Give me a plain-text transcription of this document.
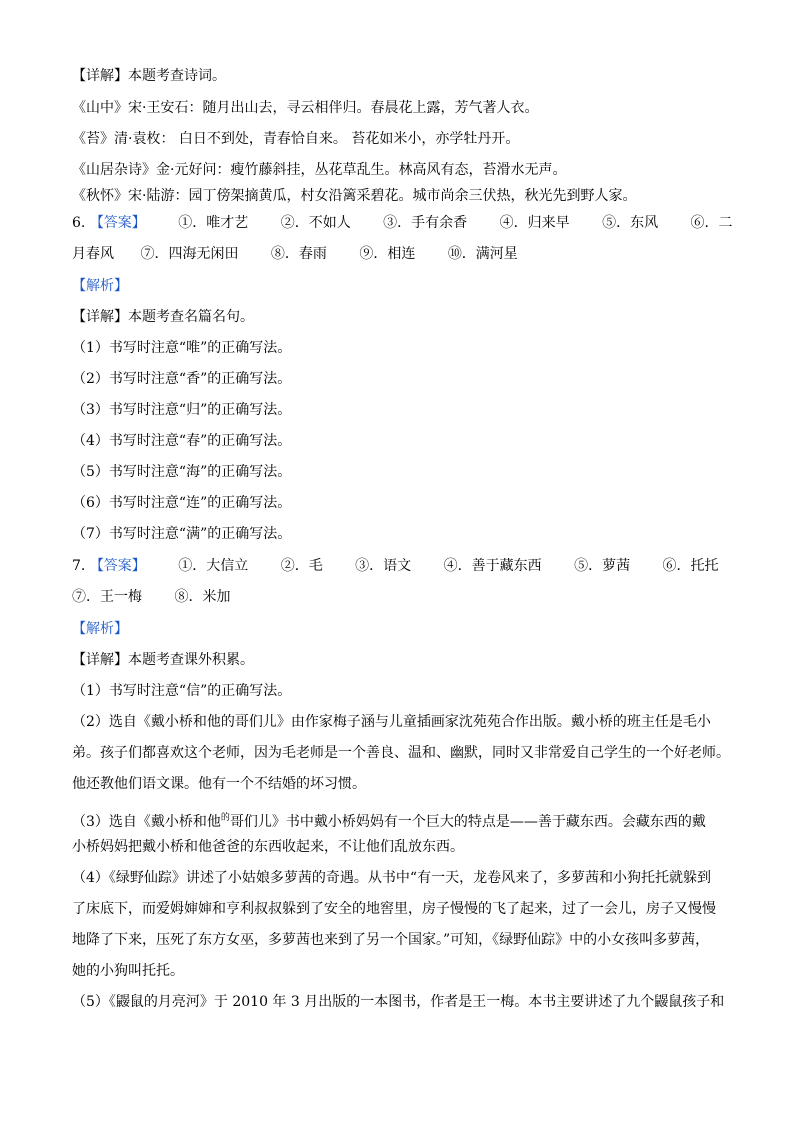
【详解】本题考查诗词。
《山中》宋·王安石：随月出山去，寻云相伴归。春晨花上露，芳气著人衣。
《苔》清·袁枚： 白日不到处，青春恰自来。 苔花如米小，亦学牡丹开。
《山居杂诗》金·元好问：瘦竹藤斜挂，丛花草乱生。林高风有态，苔滑水无声。
《秋怀》宋·陆游：园丁傍架摘黄瓜，村女沿篱采碧花。城市尚余三伏热，秋光先到野人家。
6. 【答案】 ①．唯才艺 ②．不如人 ③．手有余香 ④．归来早 ⑤．东风 ⑥．二
月春风 ⑦．四海无闲田 ⑧．春雨 ⑨．相连 ⑩．满河星
【解析】
【详解】本题考查名篇名句。
（1）书写时注意“唯”的正确写法。
（2）书写时注意“香”的正确写法。
（3）书写时注意“归”的正确写法。
（4）书写时注意“春”的正确写法。
（5）书写时注意“海”的正确写法。
（6）书写时注意“连”的正确写法。
（7）书写时注意“满”的正确写法。
7. 【答案】 ①．大信立 ②．毛 ③．语文 ④．善于藏东西 ⑤．萝茜 ⑥．托托
⑦．王一梅 ⑧．米加
【解析】
【详解】本题考查课外积累。
（1）书写时注意“信”的正确写法。
（2）选自《戴小桥和他的哥们儿》由作家梅子涵与儿童插画家沈苑苑合作出版。戴小桥的班主任是毛小
弟。孩子们都喜欢这个老师，因为毛老师是一个善良、温和、幽默，同时又非常爱自己学生的一个好老师。
他还教他们语文课。他有一个不结婚的坏习惯。
（3）选自《戴小桥和他$^的$哥们儿》书中戴小桥妈妈有一个巨大的特点是——善于藏东西。会藏东西的戴
小桥妈妈把戴小桥和他爸爸的东西收起来，不让他们乱放东西。
（4）《绿野仙踪》讲述了小姑娘多萝茜的奇遇。从书中“有一天，龙卷风来了，多萝茜和小狗托托就躲到
了床底下，而爱姆婶婶和亨利叔叔躲到了安全的地窖里，房子慢慢的飞了起来，过了一会儿，房子又慢慢
地降了下来，压死了东方女巫，多萝茜也来到了另一个国家。”可知，《绿野仙踪》中的小女孩叫多萝茜，
她的小狗叫托托。
（5）《鼹鼠的月亮河》于 2010 年 3 月出版的一本图书，作者是王一梅。本书主要讲述了九个鼹鼠孩子和
